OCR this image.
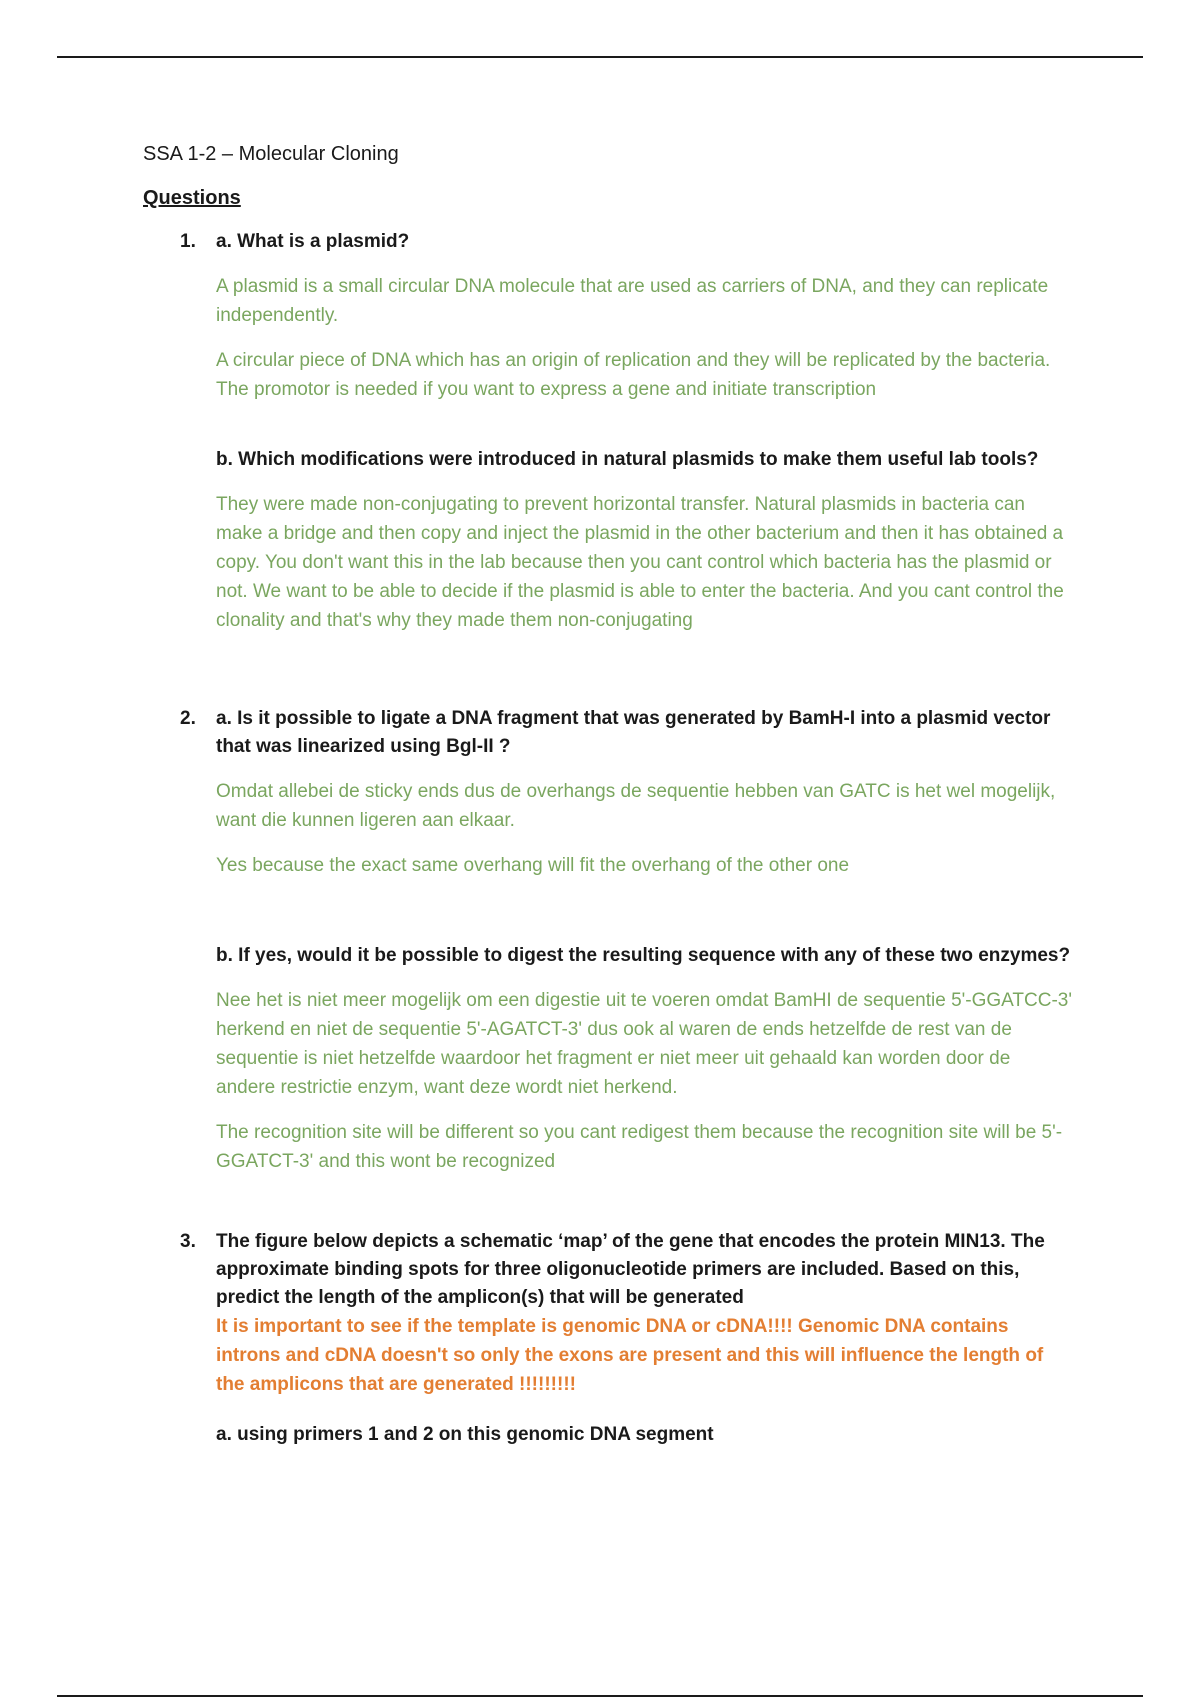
SSA 1-2 – Molecular Cloning
Questions
1. a. What is a plasmid?

A plasmid is a small circular DNA molecule that are used as carriers of DNA, and they can replicate independently.

A circular piece of DNA which has an origin of replication and they will be replicated by the bacteria. The promotor is needed if you want to express a gene and initiate transcription

b. Which modifications were introduced in natural plasmids to make them useful lab tools?

They were made non-conjugating to prevent horizontal transfer. Natural plasmids in bacteria can make a bridge and then copy and inject the plasmid in the other bacterium and then it has obtained a copy. You don't want this in the lab because then you cant control which bacteria has the plasmid or not. We want to be able to decide if the plasmid is able to enter the bacteria. And you cant control the clonality and that's why they made them non-conjugating

2. a. Is it possible to ligate a DNA fragment that was generated by BamH-I into a plasmid vector that was linearized using Bgl-II ?

Omdat allebei de sticky ends dus de overhangs de sequentie hebben van GATC is het wel mogelijk, want die kunnen ligeren aan elkaar.

Yes because the exact same overhang will fit the overhang of the other one

b. If yes, would it be possible to digest the resulting sequence with any of these two enzymes?

Nee het is niet meer mogelijk om een digestie uit te voeren omdat BamHI de sequentie 5'-GGATCC-3' herkend en niet de sequentie 5'-AGATCT-3' dus ook al waren de ends hetzelfde de rest van de sequentie is niet hetzelfde waardoor het fragment er niet meer uit gehaald kan worden door de andere restrictie enzym, want deze wordt niet herkend.

The recognition site will be different so you cant redigest them because the recognition site will be 5'-GGATCT-3' and this wont be recognized

3. The figure below depicts a schematic ‘map’ of the gene that encodes the protein MIN13. The approximate binding spots for three oligonucleotide primers are included. Based on this, predict the length of the amplicon(s) that will be generated

It is important to see if the template is genomic DNA or cDNA!!!! Genomic DNA contains introns and cDNA doesn't so only the exons are present and this will influence the length of the amplicons that are generated !!!!!!!!!

a. using primers 1 and 2 on this genomic DNA segment
